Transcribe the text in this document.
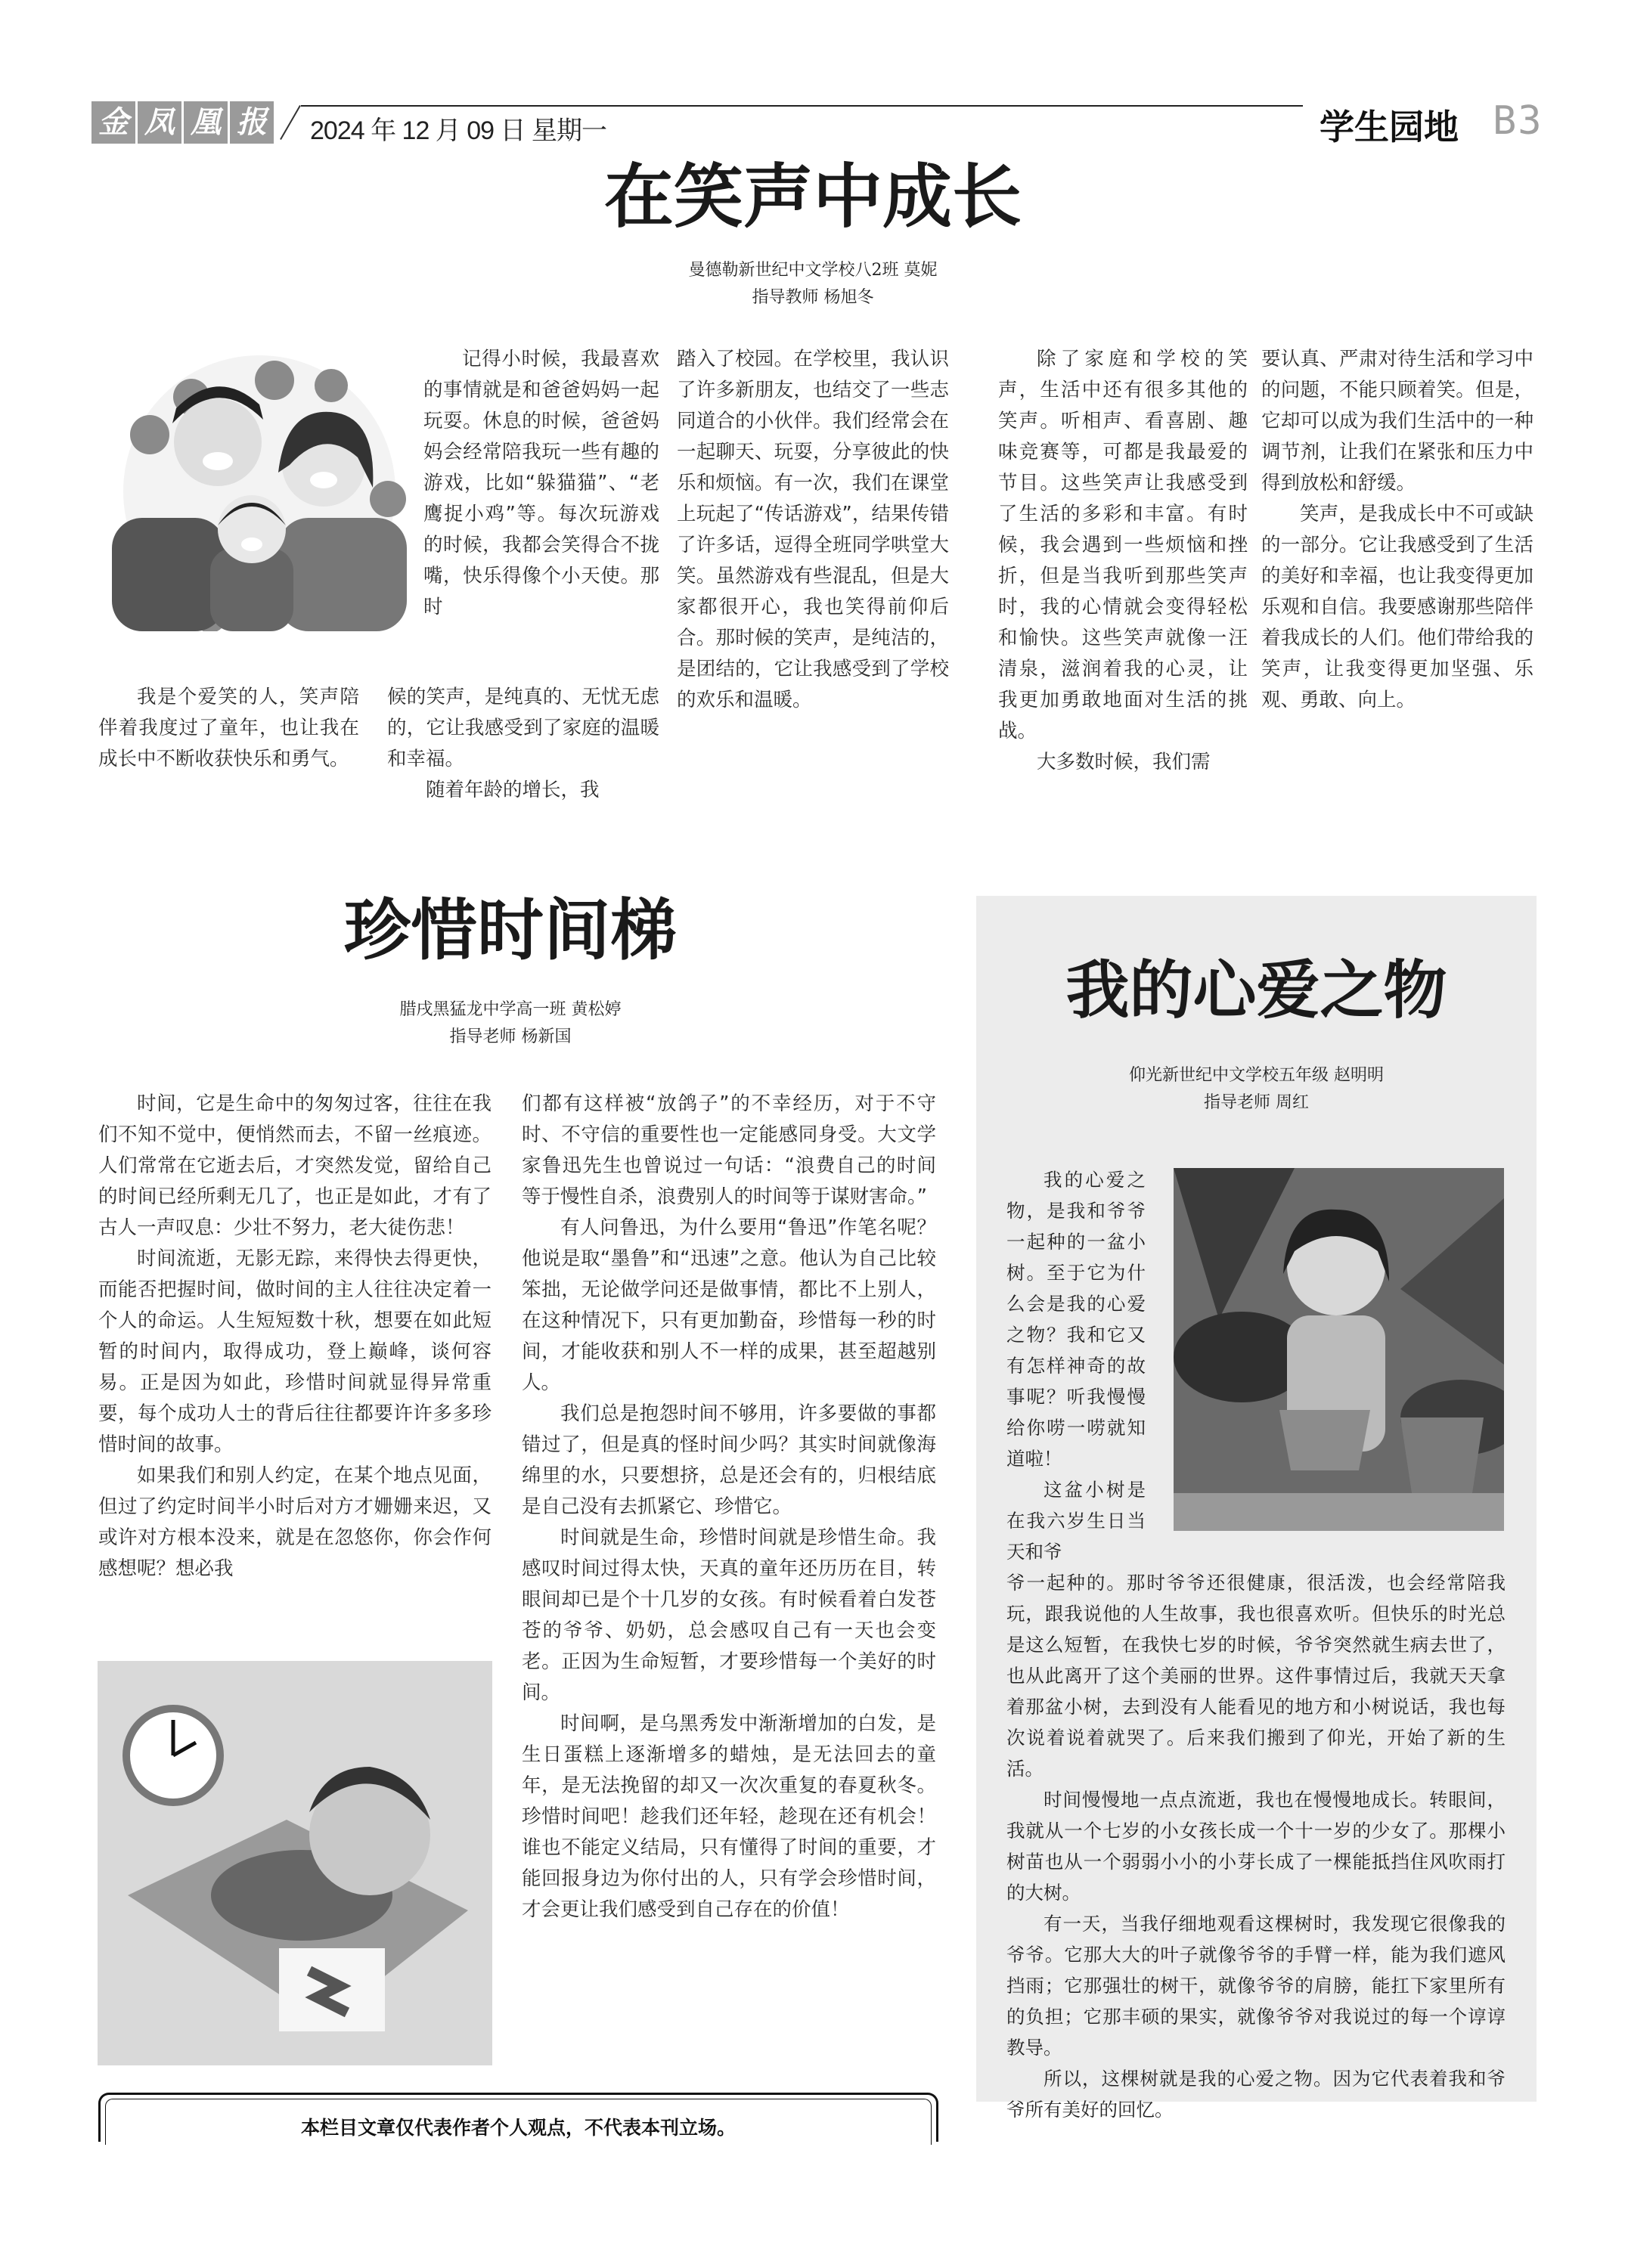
金 凤 凰 报 2024 年 12 月 09 日 星期一	学生园地 B3
在笑声中成长
曼德勒新世纪中文学校八2班 莫妮
指导教师 杨旭冬

记得小时候，我最喜欢的事情就是和爸爸妈妈一起玩耍。休息的时候，爸爸妈妈会经常陪我玩一些有趣的游戏，比如“躲猫猫”、“老鹰捉小鸡”等。每次玩游戏的时候，我都会笑得合不拢嘴，快乐得像个小天使。那时

我是个爱笑的人，笑声陪伴着我度过了童年，也让我在成长中不断收获快乐和勇气。

候的笑声，是纯真的、无忧无虑的，它让我感受到了家庭的温暖和幸福。

随着年龄的增长，我

踏入了校园。在学校里，我认识了许多新朋友，也结交了一些志同道合的小伙伴。我们经常会在一起聊天、玩耍，分享彼此的快乐和烦恼。有一次，我们在课堂上玩起了“传话游戏”，结果传错了许多话，逗得全班同学哄堂大笑。虽然游戏有些混乱，但是大家都很开心，我也笑得前仰后合。那时候的笑声，是纯洁的，是团结的，它让我感受到了学校的欢乐和温暖。

除了家庭和学校的笑声，生活中还有很多其他的笑声。听相声、看喜剧、趣味竞赛等，可都是我最爱的节目。这些笑声让我感受到了生活的多彩和丰富。有时候，我会遇到一些烦恼和挫折，但是当我听到那些笑声时，我的心情就会变得轻松和愉快。这些笑声就像一汪清泉，滋润着我的心灵，让我更加勇敢地面对生活的挑战。

大多数时候，我们需

要认真、严肃对待生活和学习中的问题，不能只顾着笑。但是，它却可以成为我们生活中的一种调节剂，让我们在紧张和压力中得到放松和舒缓。

笑声，是我成长中不可或缺的一部分。它让我感受到了生活的美好和幸福，也让我变得更加乐观和自信。我要感谢那些陪伴着我成长的人们。他们带给我的笑声，让我变得更加坚强、乐观、勇敢、向上。

珍惜时间梯
腊戌黑猛龙中学高一班 黄松婷
指导老师 杨新国

时间，它是生命中的匆匆过客，往往在我们不知不觉中，便悄然而去，不留一丝痕迹。人们常常在它逝去后，才突然发觉，留给自己的时间已经所剩无几了，也正是如此，才有了古人一声叹息：少壮不努力，老大徒伤悲！

时间流逝，无影无踪，来得快去得更快，而能否把握时间，做时间的主人往往决定着一个人的命运。人生短短数十秋，想要在如此短暂的时间内，取得成功，登上巅峰，谈何容易。正是因为如此，珍惜时间就显得异常重要，每个成功人士的背后往往都要许许多多珍惜时间的故事。

如果我们和别人约定，在某个地点见面，但过了约定时间半小时后对方才姗姗来迟，又或许对方根本没来，就是在忽悠你，你会作何感想呢？想必我

们都有这样被“放鸽子”的不幸经历，对于不守时、不守信的重要性也一定能感同身受。大文学家鲁迅先生也曾说过一句话：“浪费自己的时间等于慢性自杀，浪费别人的时间等于谋财害命。”

有人问鲁迅，为什么要用“鲁迅”作笔名呢？他说是取“墨鲁”和“迅速”之意。他认为自己比较笨拙，无论做学问还是做事情，都比不上别人，在这种情况下，只有更加勤奋，珍惜每一秒的时间，才能收获和别人不一样的成果，甚至超越别人。

我们总是抱怨时间不够用，许多要做的事都错过了，但是真的怪时间少吗？其实时间就像海绵里的水，只要想挤，总是还会有的，归根结底是自己没有去抓紧它、珍惜它。

时间就是生命，珍惜时间就是珍惜生命。我感叹时间过得太快，天真的童年还历历在目，转眼间却已是个十几岁的女孩。有时候看着白发苍苍的爷爷、奶奶，总会感叹自己有一天也会变老。正因为生命短暂，才要珍惜每一个美好的时间。

时间啊，是乌黑秀发中渐渐增加的白发，是生日蛋糕上逐渐增多的蜡烛，是无法回去的童年，是无法挽留的却又一次次重复的春夏秋冬。珍惜时间吧！趁我们还年轻，趁现在还有机会！谁也不能定义结局，只有懂得了时间的重要，才能回报身边为你付出的人，只有学会珍惜时间，才会更让我们感受到自己存在的价值！

我的心爱之物
仰光新世纪中文学校五年级 赵明明
指导老师 周红

我的心爱之物，是我和爷爷一起种的一盆小树。至于它为什么会是我的心爱之物？我和它又有怎样神奇的故事呢？听我慢慢给你唠一唠就知道啦！

这盆小树是在我六岁生日当天和爷

爷一起种的。那时爷爷还很健康，很活泼，也会经常陪我玩，跟我说他的人生故事，我也很喜欢听。但快乐的时光总是这么短暂，在我快七岁的时候，爷爷突然就生病去世了，也从此离开了这个美丽的世界。这件事情过后，我就天天拿着那盆小树，去到没有人能看见的地方和小树说话，我也每次说着说着就哭了。后来我们搬到了仰光，开始了新的生活。

时间慢慢地一点点流逝，我也在慢慢地成长。转眼间，我就从一个七岁的小女孩长成一个十一岁的少女了。那棵小树苗也从一个弱弱小小的小芽长成了一棵能抵挡住风吹雨打的大树。

有一天，当我仔细地观看这棵树时，我发现它很像我的爷爷。它那大大的叶子就像爷爷的手臂一样，能为我们遮风挡雨；它那强壮的树干，就像爷爷的肩膀，能扛下家里所有的负担；它那丰硕的果实，就像爷爷对我说过的每一个谆谆教导。

所以，这棵树就是我的心爱之物。因为它代表着我和爷爷所有美好的回忆。

本栏目文章仅代表作者个人观点，不代表本刊立场。
